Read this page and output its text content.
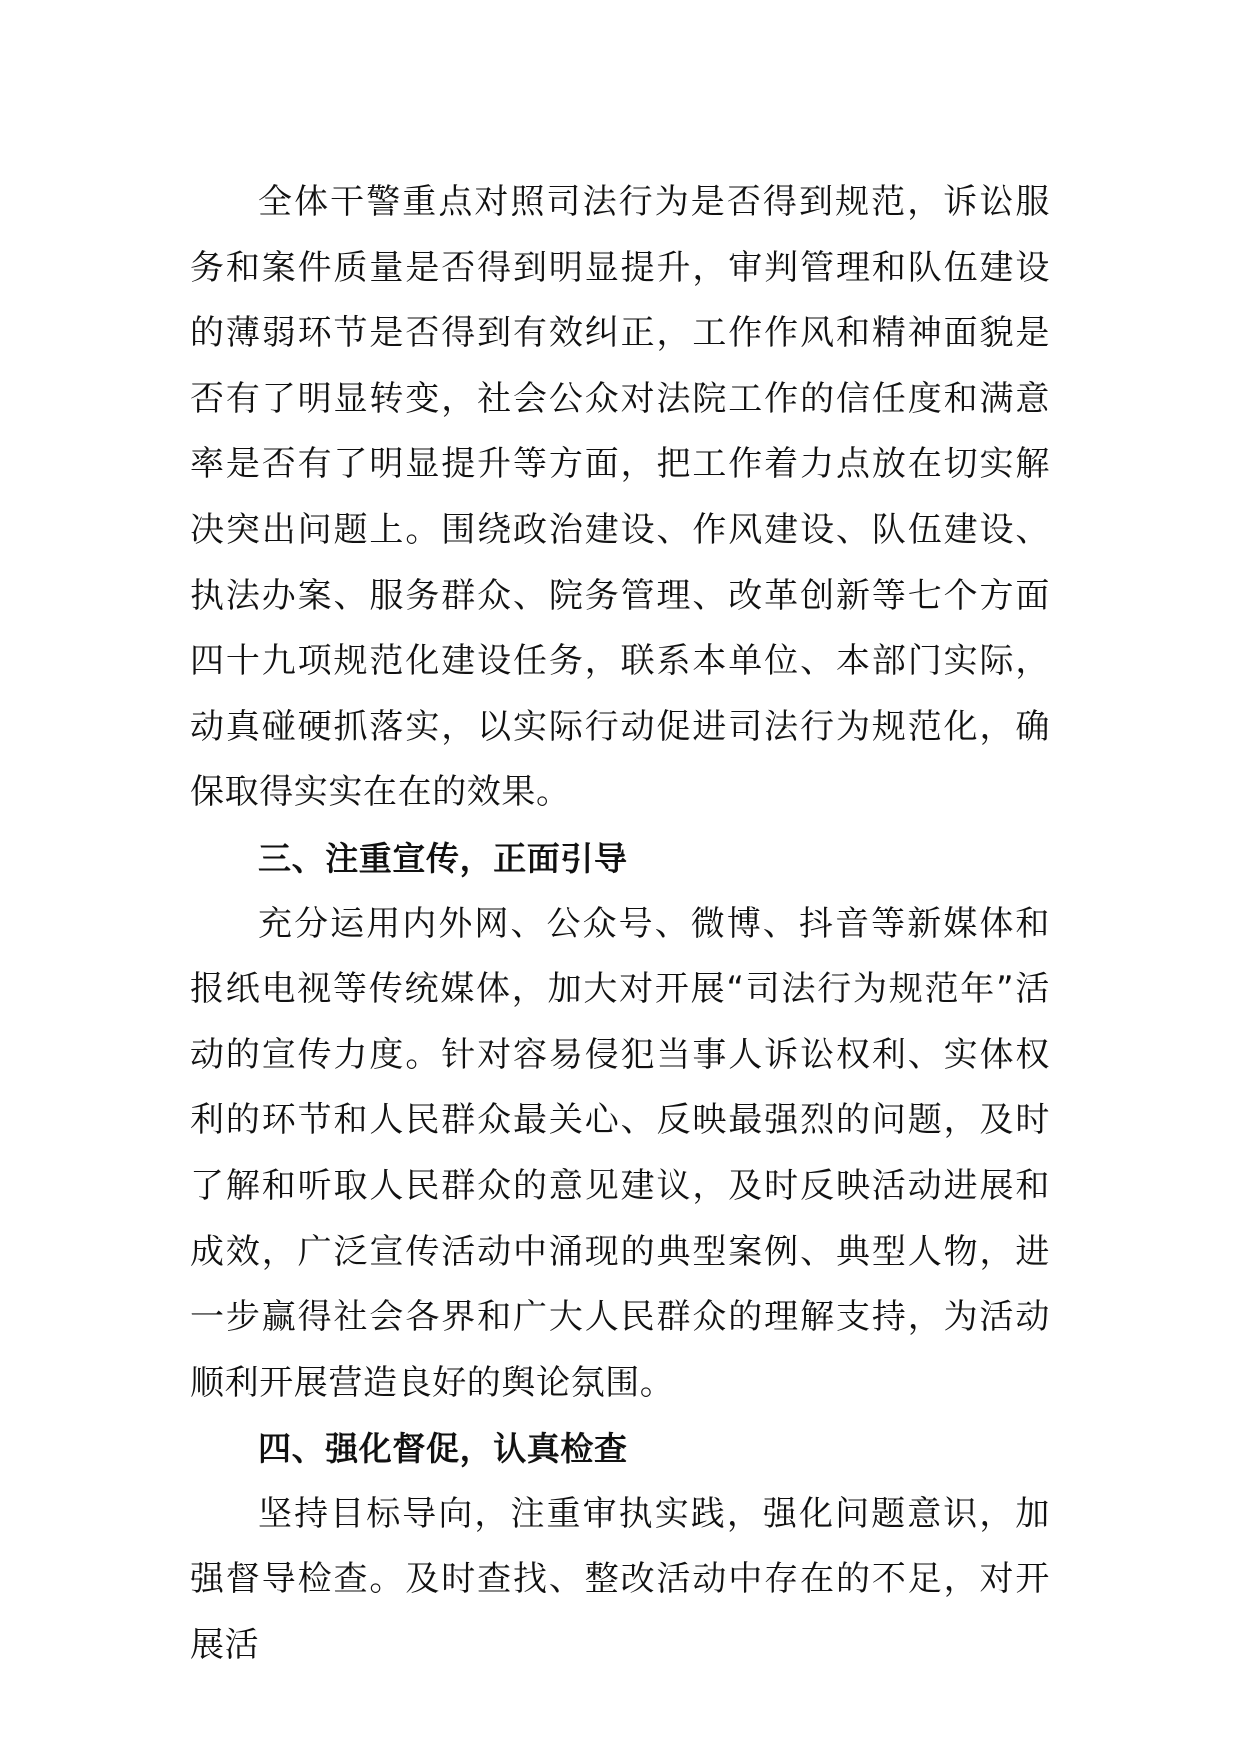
全体干警重点对照司法行为是否得到规范，诉讼服务和案件质量是否得到明显提升，审判管理和队伍建设的薄弱环节是否得到有效纠正，工作作风和精神面貌是否有了明显转变，社会公众对法院工作的信任度和满意率是否有了明显提升等方面，把工作着力点放在切实解决突出问题上。围绕政治建设、作风建设、队伍建设、执法办案、服务群众、院务管理、改革创新等七个方面四十九项规范化建设任务，联系本单位、本部门实际，动真碰硬抓落实，以实际行动促进司法行为规范化，确保取得实实在在的效果。

三、注重宣传，正面引导

充分运用内外网、公众号、微博、抖音等新媒体和报纸电视等传统媒体，加大对开展“司法行为规范年”活动的宣传力度。针对容易侵犯当事人诉讼权利、实体权利的环节和人民群众最关心、反映最强烈的问题，及时了解和听取人民群众的意见建议，及时反映活动进展和成效，广泛宣传活动中涌现的典型案例、典型人物，进一步赢得社会各界和广大人民群众的理解支持，为活动顺利开展营造良好的舆论氛围。

四、强化督促，认真检查

坚持目标导向，注重审执实践，强化问题意识，加强督导检查。及时查找、整改活动中存在的不足，对开展活
